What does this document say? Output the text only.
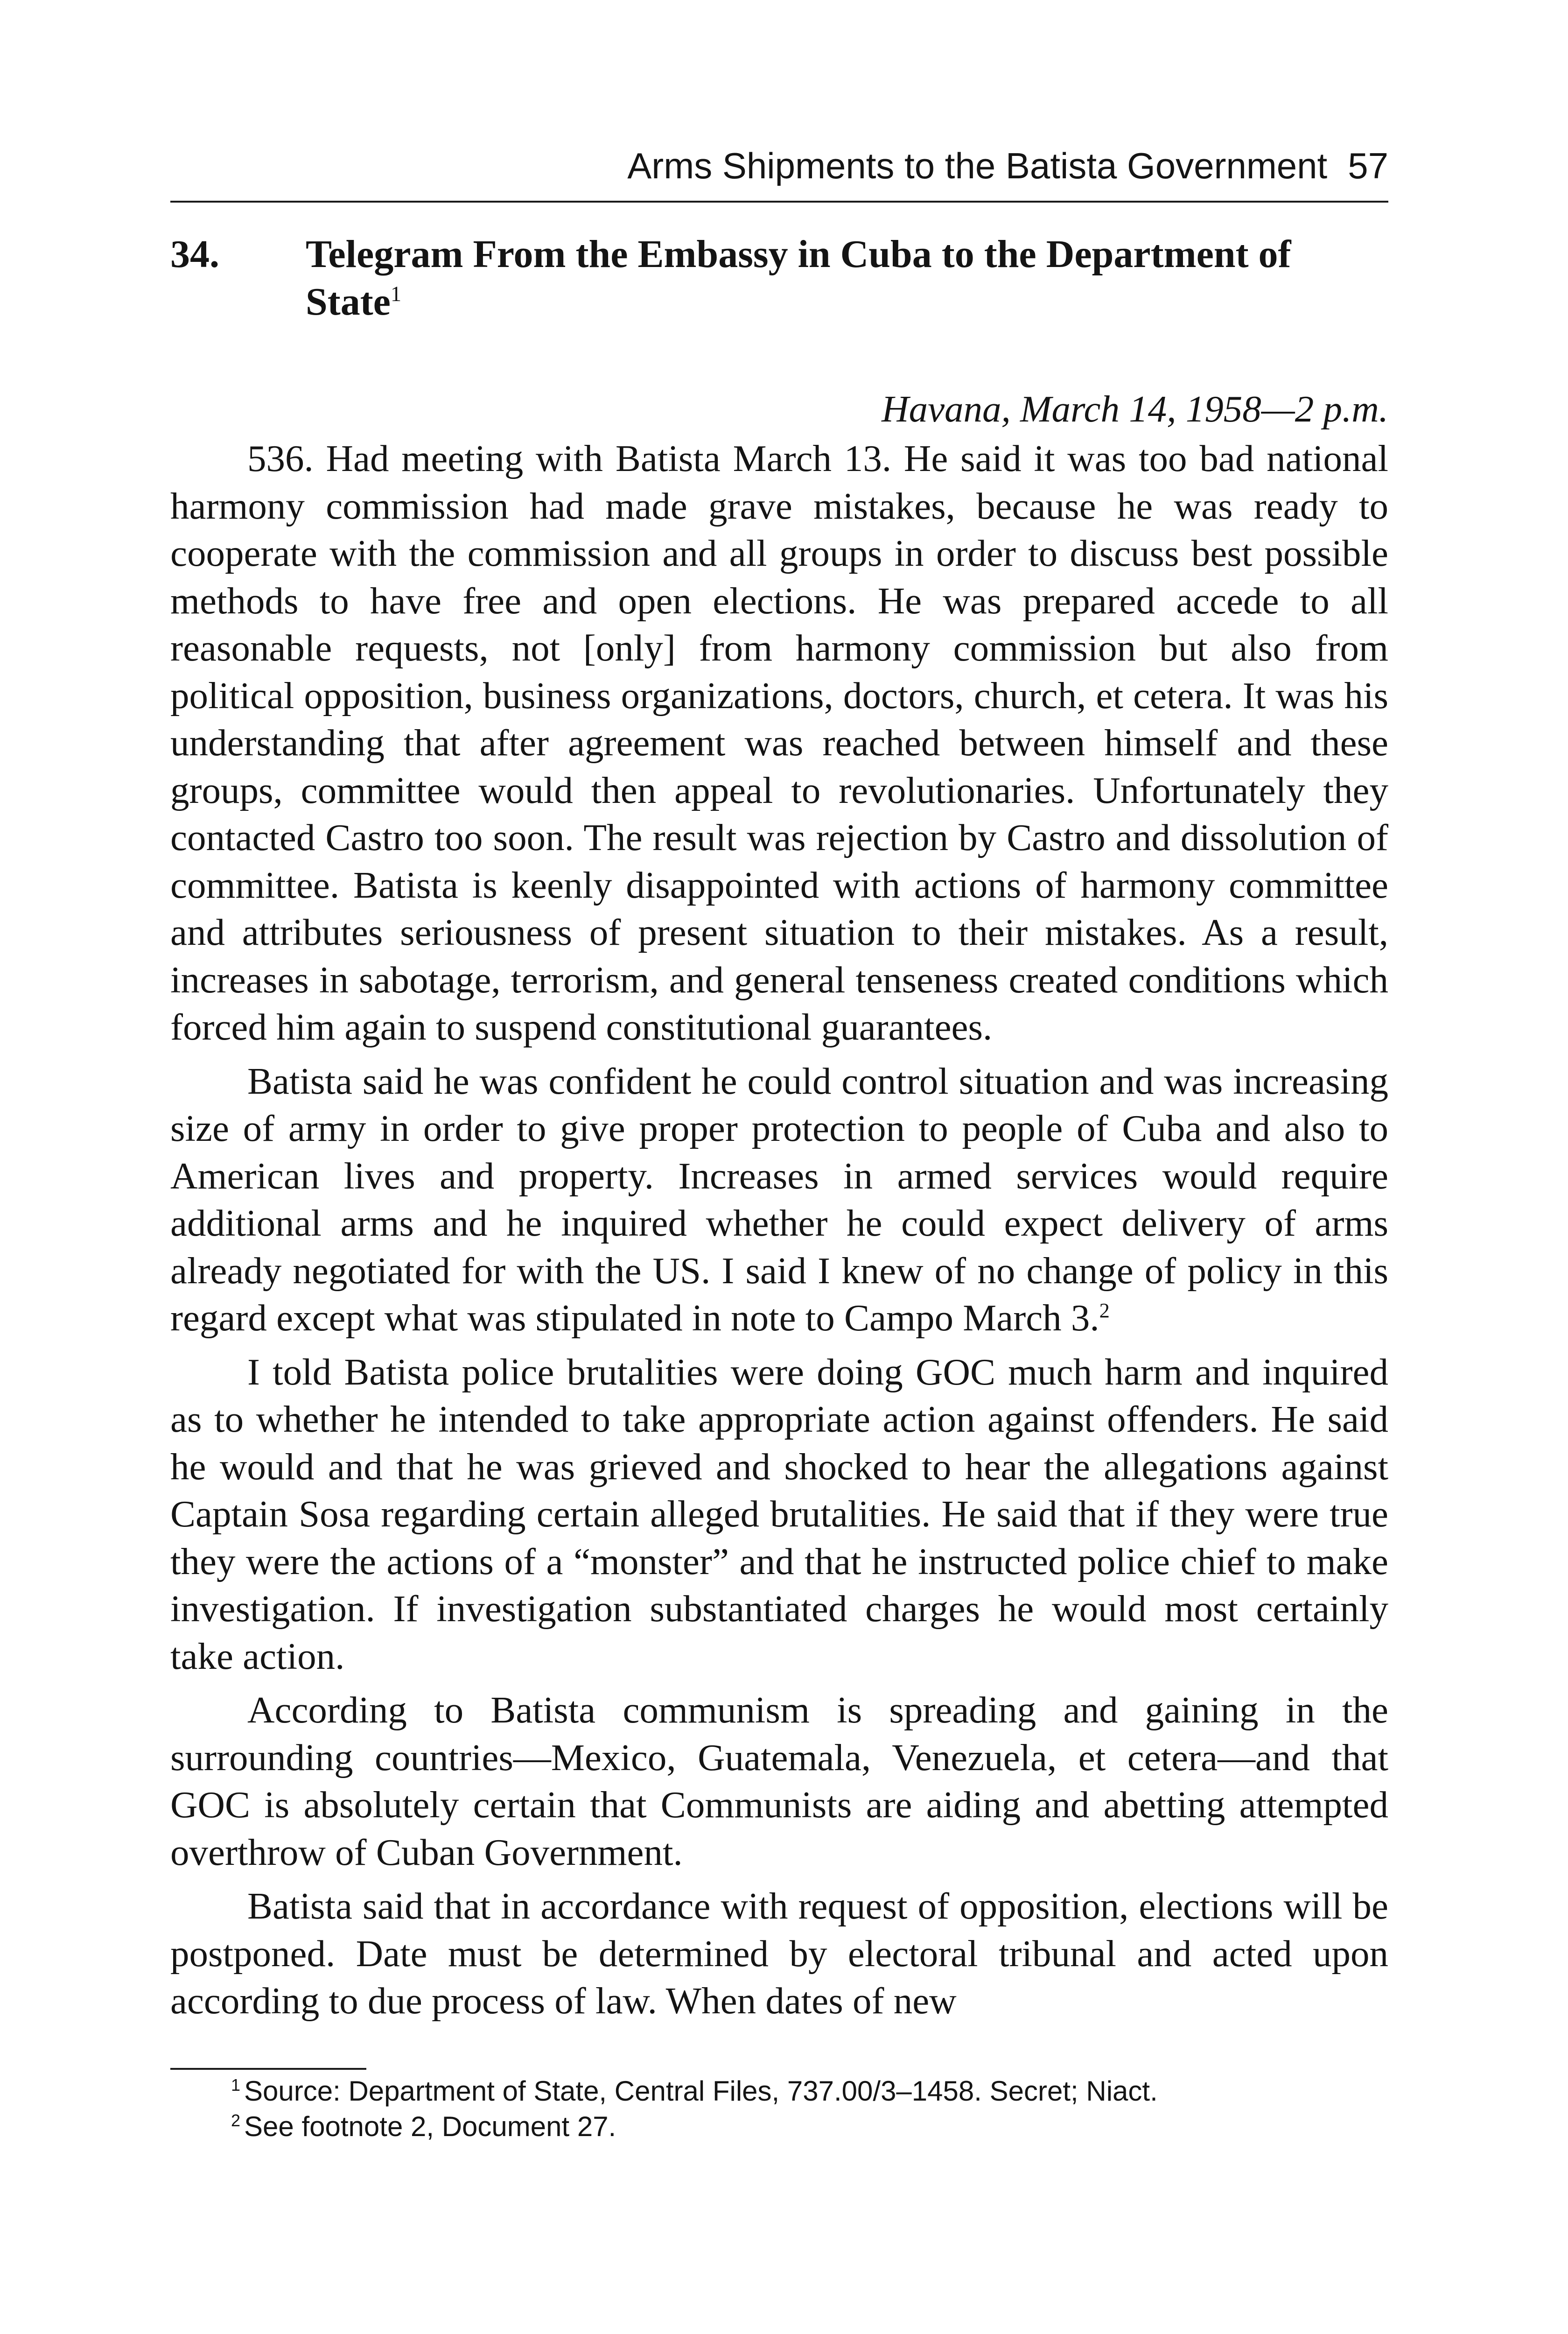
Arms Shipments to the Batista Government 57
34.	Telegram From the Embassy in Cuba to the Department of
State$^1$
Havana, March 14, 1958—2 p.m.

536. Had meeting with Batista March 13. He said it was too bad national harmony commission had made grave mistakes, because he was ready to cooperate with the commission and all groups in order to discuss best possible methods to have free and open elections. He was prepared accede to all reasonable requests, not [only] from harmony commission but also from political opposition, business organizations, doctors, church, et cetera. It was his understanding that after agreement was reached between himself and these groups, committee would then appeal to revolutionaries. Unfortunately they contacted Castro too soon. The result was rejection by Castro and dissolution of committee. Batista is keenly disappointed with actions of harmony committee and attributes seriousness of present situation to their mistakes. As a result, increases in sabotage, terrorism, and general tenseness created conditions which forced him again to suspend constitutional guarantees.

Batista said he was confident he could control situation and was increasing size of army in order to give proper protection to people of Cuba and also to American lives and property. Increases in armed services would require additional arms and he inquired whether he could expect delivery of arms already negotiated for with the US. I said I knew of no change of policy in this regard except what was stipulated in note to Campo March 3.$^2$

I told Batista police brutalities were doing GOC much harm and inquired as to whether he intended to take appropriate action against offenders. He said he would and that he was grieved and shocked to hear the allegations against Captain Sosa regarding certain alleged brutalities. He said that if they were true they were the actions of a “monster” and that he instructed police chief to make investigation. If investigation substantiated charges he would most certainly take action.

According to Batista communism is spreading and gaining in the surrounding countries—Mexico, Guatemala, Venezuela, et cetera—and that GOC is absolutely certain that Communists are aiding and abetting attempted overthrow of Cuban Government.

Batista said that in accordance with request of opposition, elections will be postponed. Date must be determined by electoral tribunal and acted upon according to due process of law. When dates of new

$^1$ Source: Department of State, Central Files, 737.00/3–1458. Secret; Niact.

$^2$ See footnote 2, Document 27.
